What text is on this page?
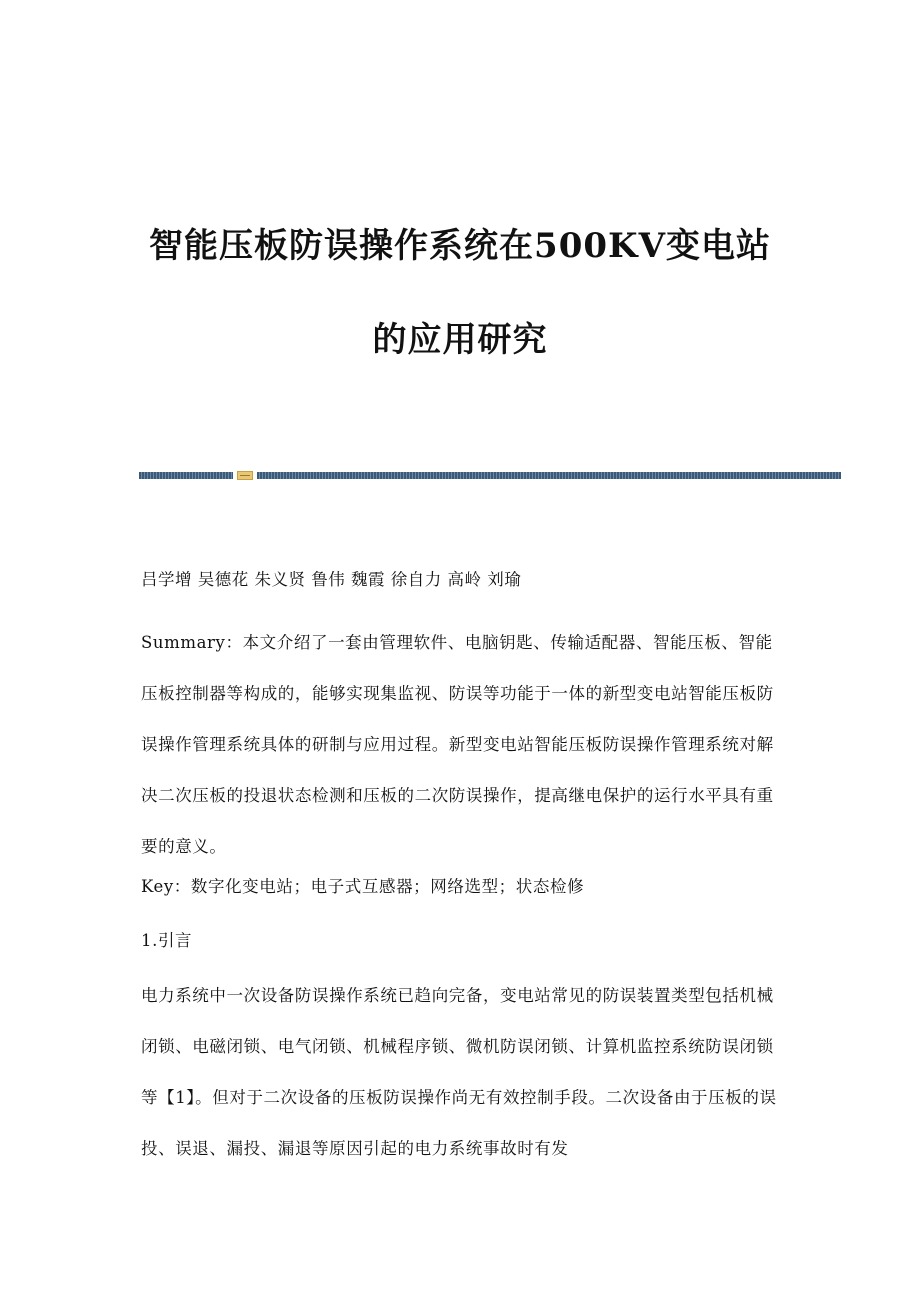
智能压板防误操作系统在500KV变电站
的应用研究
吕学增 吴德花 朱义贤 鲁伟 魏霞 徐自力 高岭 刘瑜
Summary：本文介绍了一套由管理软件、电脑钥匙、传输适配器、智能压板、智能压板控制器等构成的，能够实现集监视、防误等功能于一体的新型变电站智能压板防误操作管理系统具体的研制与应用过程。新型变电站智能压板防误操作管理系统对解决二次压板的投退状态检测和压板的二次防误操作，提高继电保护的运行水平具有重要的意义。
Key：数字化变电站；电子式互感器；网络选型；状态检修
1.引言
电力系统中一次设备防误操作系统已趋向完备，变电站常见的防误装置类型包括机械闭锁、电磁闭锁、电气闭锁、机械程序锁、微机防误闭锁、计算机监控系统防误闭锁等【1】。但对于二次设备的压板防误操作尚无有效控制手段。二次设备由于压板的误投、误退、漏投、漏退等原因引起的电力系统事故时有发
